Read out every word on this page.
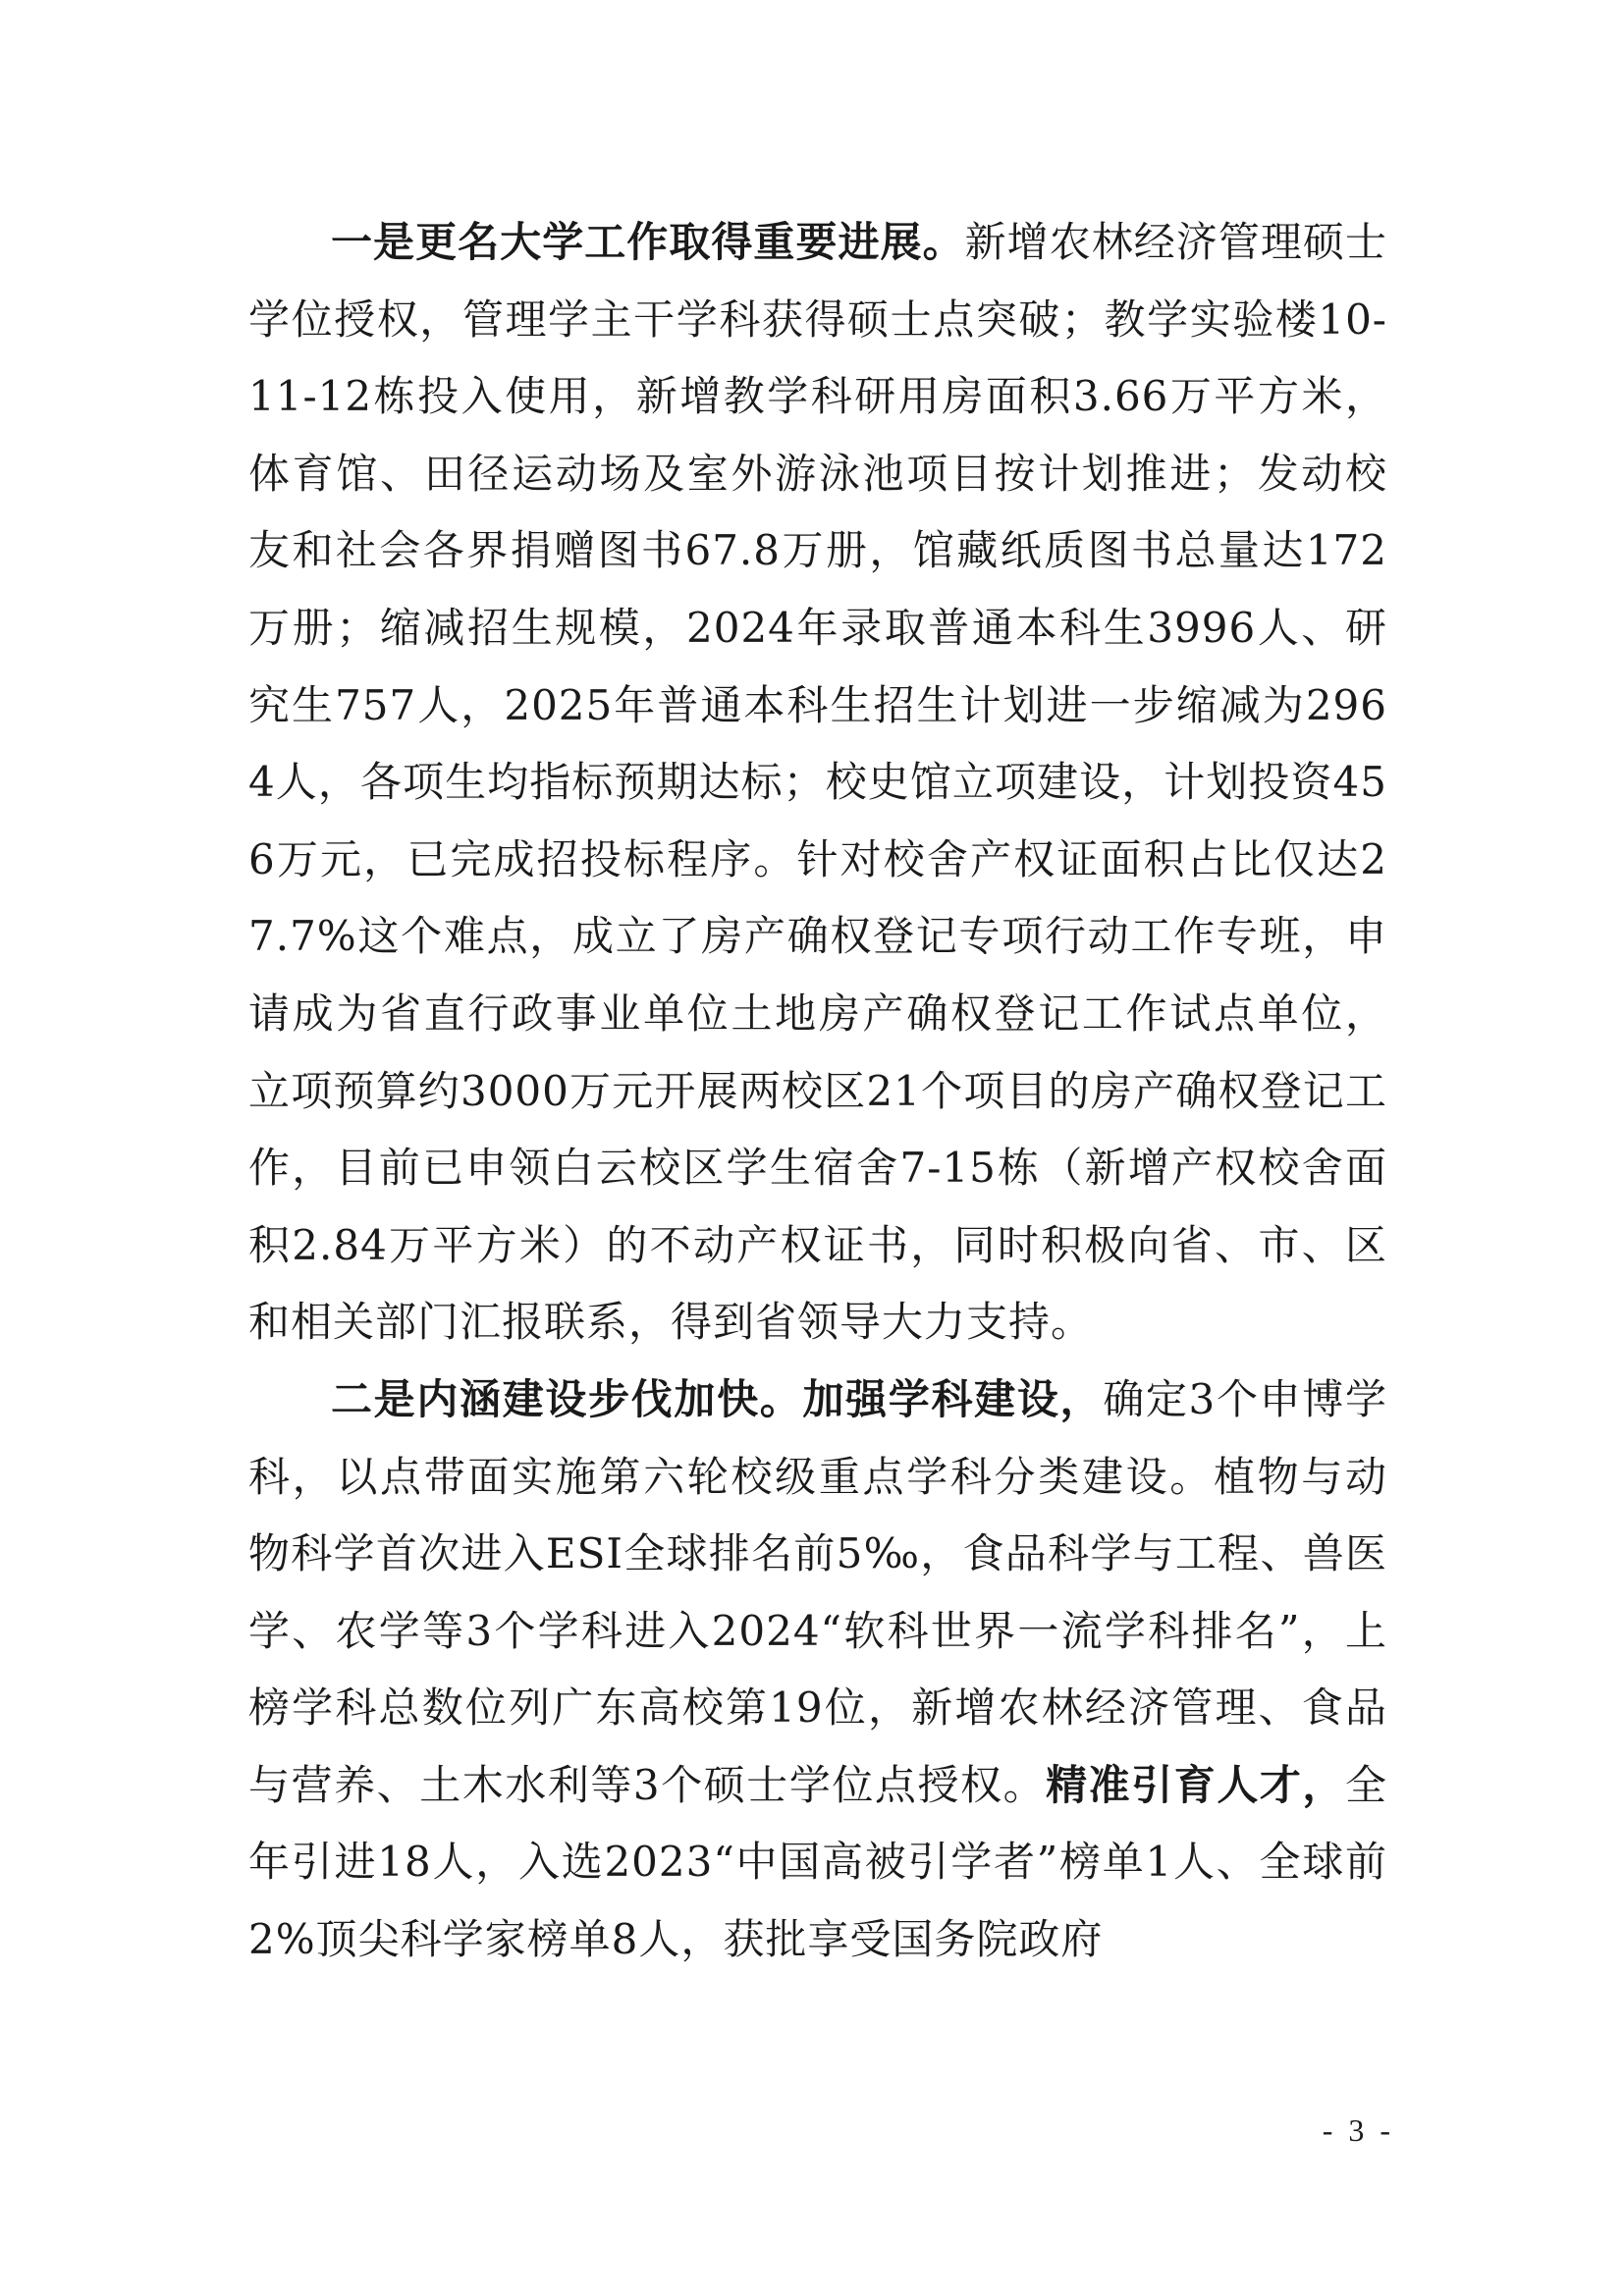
一是更名大学工作取得重要进展。新增农林经济管理硕士学位授权，管理学主干学科获得硕士点突破；教学实验楼10-11-12栋投入使用，新增教学科研用房面积3.66万平方米，体育馆、田径运动场及室外游泳池项目按计划推进；发动校友和社会各界捐赠图书67.8万册，馆藏纸质图书总量达172万册；缩减招生规模，2024年录取普通本科生3996人、研究生757人，2025年普通本科生招生计划进一步缩减为2964人，各项生均指标预期达标；校史馆立项建设，计划投资456万元，已完成招投标程序。针对校舍产权证面积占比仅达27.7%这个难点，成立了房产确权登记专项行动工作专班，申请成为省直行政事业单位土地房产确权登记工作试点单位，立项预算约3000万元开展两校区21个项目的房产确权登记工作，目前已申领白云校区学生宿舍7-15栋（新增产权校舍面积2.84万平方米）的不动产权证书，同时积极向省、市、区和相关部门汇报联系，得到省领导大力支持。

二是内涵建设步伐加快。加强学科建设，确定3个申博学科，以点带面实施第六轮校级重点学科分类建设。植物与动物科学首次进入ESI全球排名前5‰，食品科学与工程、兽医学、农学等3个学科进入2024“软科世界一流学科排名”，上榜学科总数位列广东高校第19位，新增农林经济管理、食品与营养、土木水利等3个硕士学位点授权。精准引育人才，全年引进18人，入选2023“中国高被引学者”榜单1人、全球前2%顶尖科学家榜单8人，获批享受国务院政府

- 3 -
